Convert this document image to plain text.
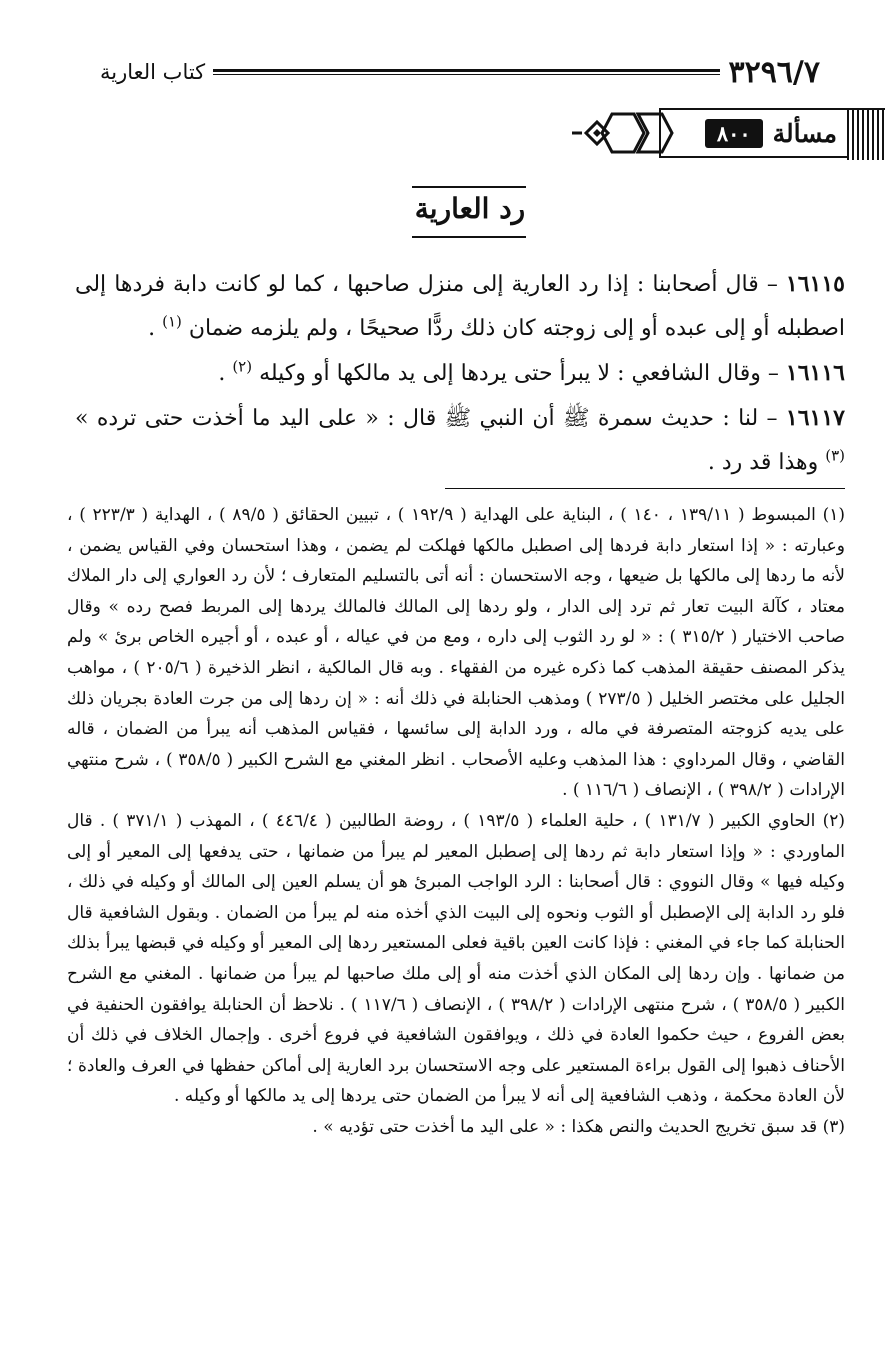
٣٢٩٦/٧
كتاب العارية
مسألة
٨٠٠
رد العارية

١٦١١٥ – قال أصحابنا : إذا رد العارية إلى منزل صاحبها ، كما لو كانت دابة فردها إلى اصطبله أو إلى عبده أو إلى زوجته كان ذلك ردًّا صحيحًا ، ولم يلزمه ضمان $^{(١)}$ .

١٦١١٦ – وقال الشافعي : لا يبرأ حتى يردها إلى يد مالكها أو وكيله $^{(٢)}$ .

١٦١١٧ – لنا : حديث سمرة ﷺ أن النبي ﷺ قال : « على اليد ما أخذت حتى ترده » $^{(٣)}$ وهذا قد رد .

(١) المبسوط ( ١٣٩/١١ ، ١٤٠ ) ، البناية على الهداية ( ١٩٢/٩ ) ، تبيين الحقائق ( ٨٩/٥ ) ، الهداية ( ٢٢٣/٣ ) ، وعبارته : « إذا استعار دابة فردها إلى اصطبل مالكها فهلكت لم يضمن ، وهذا استحسان وفي القياس يضمن ، لأنه ما ردها إلى مالكها بل ضيعها ، وجه الاستحسان : أنه أتى بالتسليم المتعارف ؛ لأن رد العواري إلى دار الملاك معتاد ، كآلة البيت تعار ثم ترد إلى الدار ، ولو ردها إلى المالك فالمالك يردها إلى المربط فصح رده » وقال صاحب الاختيار ( ٣١٥/٢ ) : « لو رد الثوب إلى داره ، ومع من في عياله ، أو عبده ، أو أجيره الخاص برئ » ولم يذكر المصنف حقيقة المذهب كما ذكره غيره من الفقهاء . وبه قال المالكية ، انظر الذخيرة ( ٢٠٥/٦ ) ، مواهب الجليل على مختصر الخليل ( ٢٧٣/٥ ) ومذهب الحنابلة في ذلك أنه : « إن ردها إلى من جرت العادة بجريان ذلك على يديه كزوجته المتصرفة في ماله ، ورد الدابة إلى سائسها ، فقياس المذهب أنه يبرأ من الضمان ، قاله القاضي ، وقال المرداوي : هذا المذهب وعليه الأصحاب . انظر المغني مع الشرح الكبير ( ٣٥٨/٥ ) ، شرح منتهي الإرادات ( ٣٩٨/٢ ) ، الإنصاف ( ١١٦/٦ ) .

(٢) الحاوي الكبير ( ١٣١/٧ ) ، حلية العلماء ( ١٩٣/٥ ) ، روضة الطالبين ( ٤٤٦/٤ ) ، المهذب ( ٣٧١/١ ) . قال الماوردي : « وإذا استعار دابة ثم ردها إلى إصطبل المعير لم يبرأ من ضمانها ، حتى يدفعها إلى المعير أو إلى وكيله فيها » وقال النووي : قال أصحابنا : الرد الواجب المبرئ هو أن يسلم العين إلى المالك أو وكيله في ذلك ، فلو رد الدابة إلى الإصطبل أو الثوب ونحوه إلى البيت الذي أخذه منه لم يبرأ من الضمان . وبقول الشافعية قال الحنابلة كما جاء في المغني : فإذا كانت العين باقية فعلى المستعير ردها إلى المعير أو وكيله في قبضها يبرأ بذلك من ضمانها . وإن ردها إلى المكان الذي أخذت منه أو إلى ملك صاحبها لم يبرأ من ضمانها . المغني مع الشرح الكبير ( ٣٥٨/٥ ) ، شرح منتهى الإرادات ( ٣٩٨/٢ ) ، الإنصاف ( ١١٧/٦ ) . نلاحظ أن الحنابلة يوافقون الحنفية في بعض الفروع ، حيث حكموا العادة في ذلك ، ويوافقون الشافعية في فروع أخرى . وإجمال الخلاف في ذلك أن الأحناف ذهبوا إلى القول براءة المستعير على وجه الاستحسان برد العارية إلى أماكن حفظها في العرف والعادة ؛ لأن العادة محكمة ، وذهب الشافعية إلى أنه لا يبرأ من الضمان حتى يردها إلى يد مالكها أو وكيله .

(٣) قد سبق تخريج الحديث والنص هكذا : « على اليد ما أخذت حتى تؤديه » .
